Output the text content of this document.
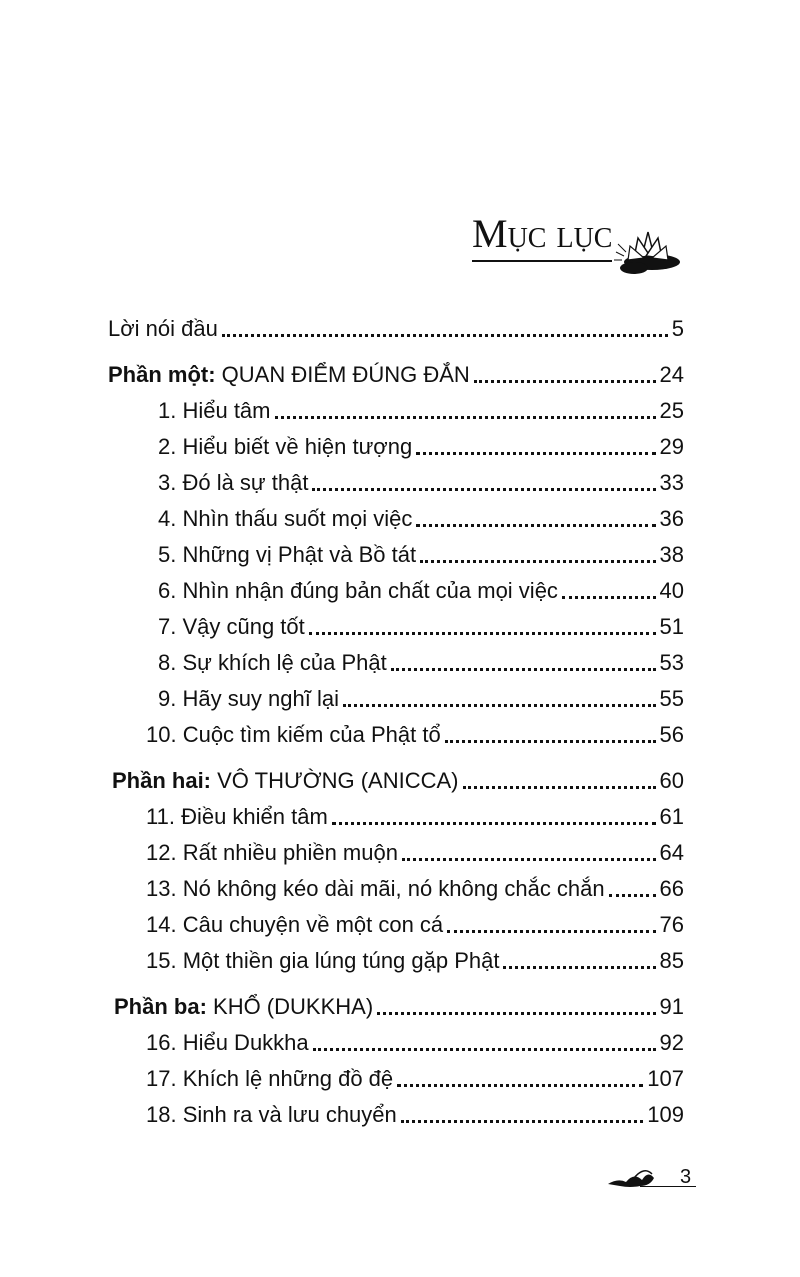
Mục lục
Lời nói đầu	5
Phần một: QUAN ĐIỂM ĐÚNG ĐẮN	24
1. Hiểu tâm	25
2. Hiểu biết về hiện tượng	29
3. Đó là sự thật	33
4. Nhìn thấu suốt mọi việc	36
5. Những vị Phật và Bồ tát	38
6. Nhìn nhận đúng bản chất của mọi việc	40
7. Vậy cũng tốt	51
8. Sự khích lệ của Phật	53
9. Hãy suy nghĩ lại	55
10. Cuộc tìm kiếm của Phật tổ	56
Phần hai: VÔ THƯỜNG (ANICCA)	60
11. Điều khiển tâm	61
12. Rất nhiều phiền muộn	64
13. Nó không kéo dài mãi, nó không chắc chắn 66
14. Câu chuyện về một con cá	76
15. Một thiền gia lúng túng gặp Phật	85
Phần ba: KHỔ (DUKKHA)	91
16. Hiểu Dukkha	92
17. Khích lệ những đồ đệ	107
18. Sinh ra và lưu chuyển	109
3
